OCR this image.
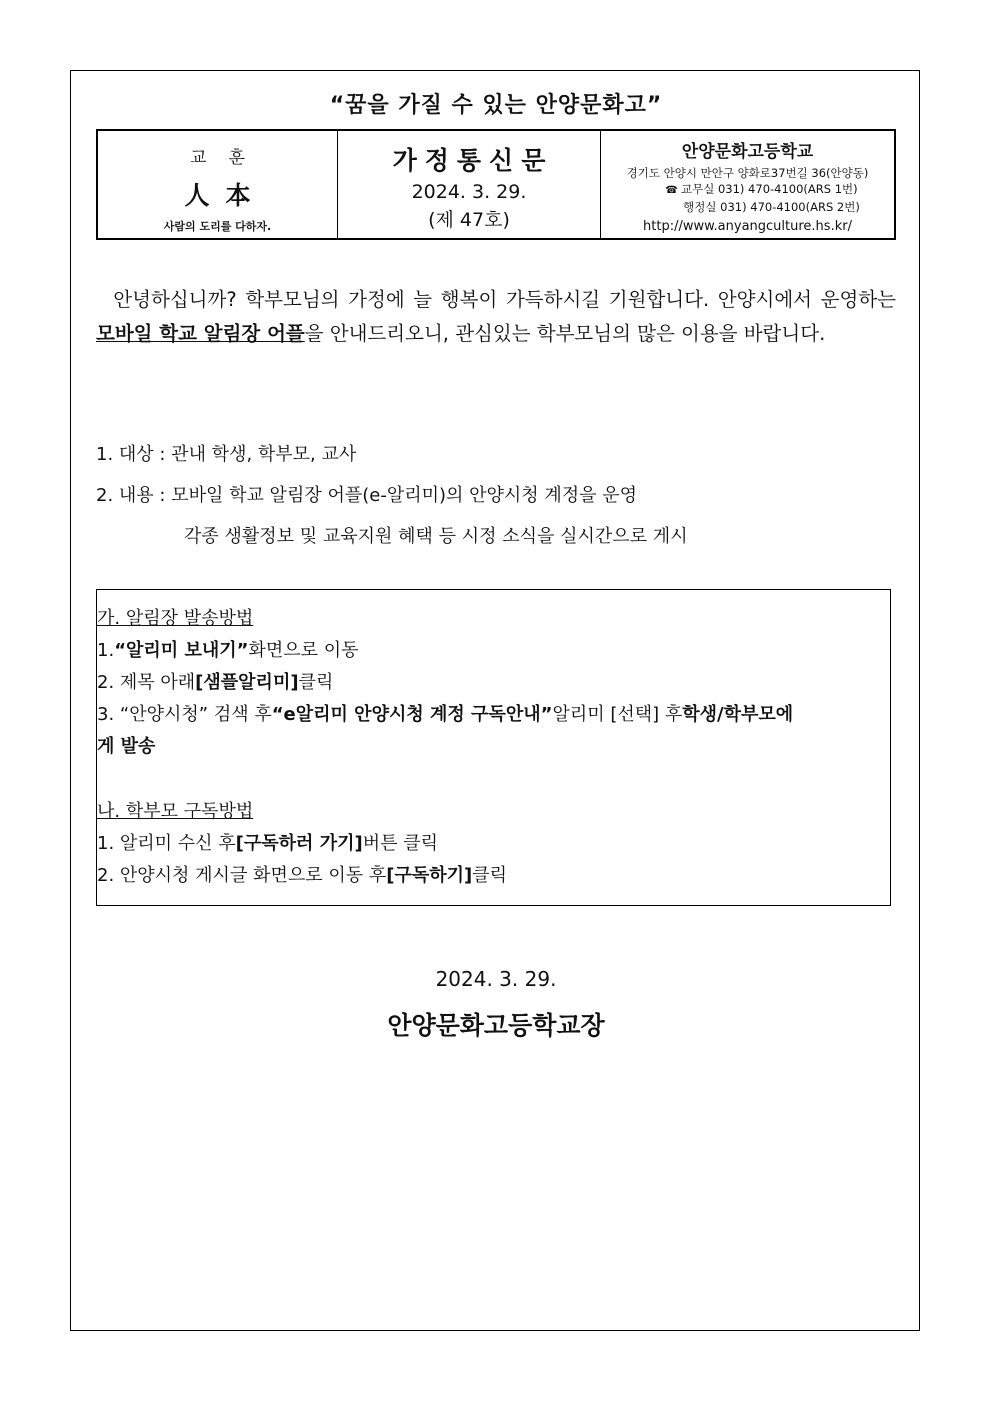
“꿈을 가질 수 있는 안양문화고”
교훈
人本
사람의 도리를 다하자.
가정통신문
2024. 3. 29.
(제 47호)
안양문화고등학교
경기도 안양시 만안구 양화로37번길 36(안양동)
☎ 교무실 031) 470-4100(ARS 1번)
행정실 031) 470-4100(ARS 2번)
http://www.anyangculture.hs.kr/
안녕하십니까? 학부모님의 가정에 늘 행복이 가득하시길 기원합니다. 안양시에서 운영하는 모바일 학교 알림장 어플을 안내드리오니, 관심있는 학부모님의 많은 이용을 바랍니다.
1. 대상 : 관내 학생, 학부모, 교사
2. 내용 : 모바일 학교 알림장 어플(e-알리미)의 안양시청 계정을 운영
각종 생활정보 및 교육지원 혜택 등 시정 소식을 실시간으로 게시
가. 알림장 발송방법
1.“알리미 보내기”화면으로 이동
2. 제목 아래[샘플알리미]클릭
3. “안양시청” 검색 후“e알리미 안양시청 계정 구독안내”알리미 [선택] 후학생/학부모에
게 발송
나. 학부모 구독방법
1. 알리미 수신 후[구독하러 가기]버튼 클릭
2. 안양시청 게시글 화면으로 이동 후[구독하기]클릭
2024. 3. 29.
안양문화고등학교장
